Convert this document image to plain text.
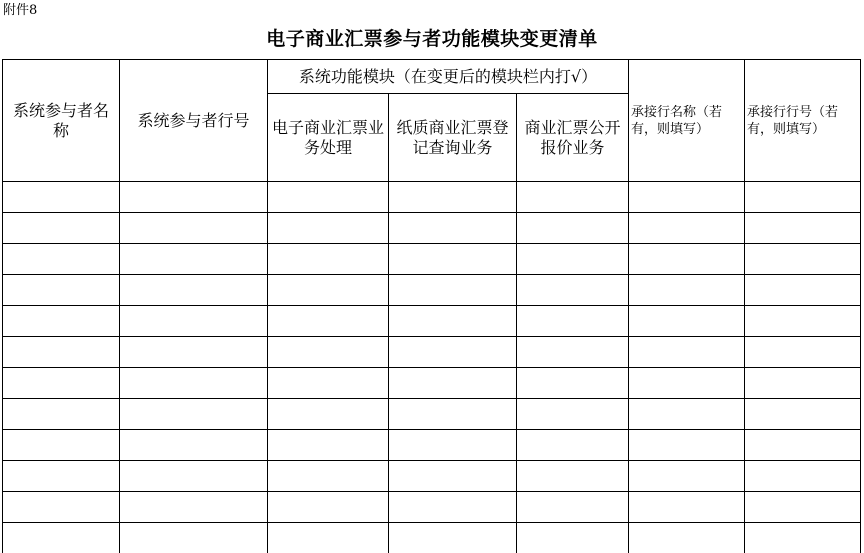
附件8
电子商业汇票参与者功能模块变更清单
系统参与者名称	系统参与者行号	系统功能模块（在变更后的模块栏内打√）			承接行名称（若有，则填写）	承接行行号（若有，则填写）

		电子商业汇票业务处理	纸质商业汇票登记查询业务	商业汇票公开报价业务		
